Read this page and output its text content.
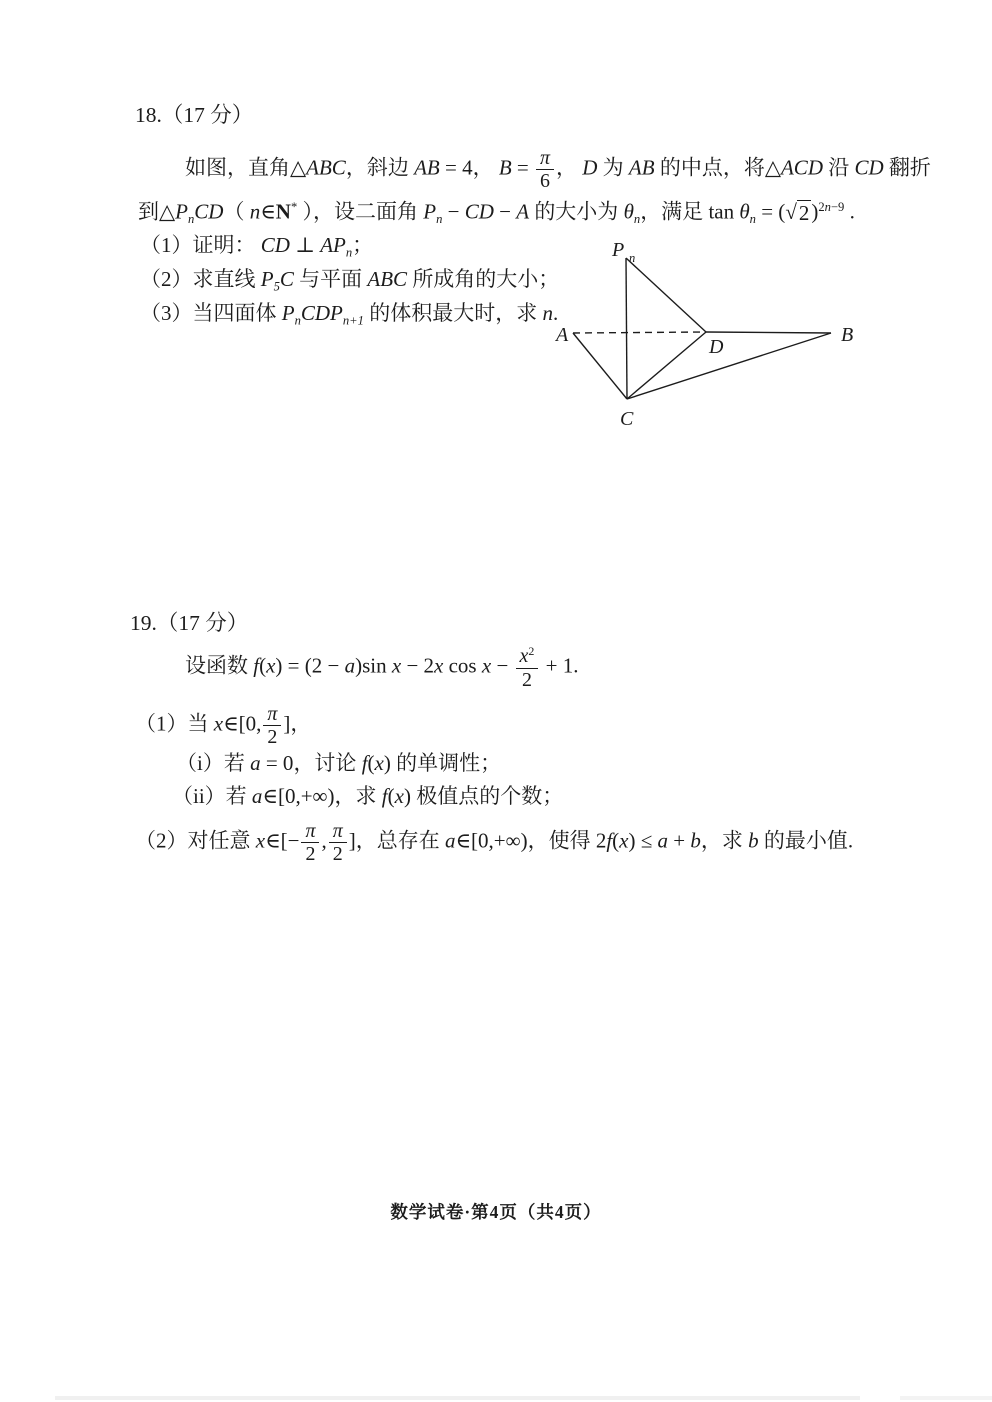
18.（17 分）
如图，直角△ABC，斜边 AB = 4， $B = \frac{\pi}{6}$ ， D 为 AB 的中点，将△ACD 沿 CD 翻折
到$\triangle P_nCD$（ n∈N* ），设二面角 $P_n$ − CD − A 的大小为 $\theta_n$，满足 $\tan \theta_n$ = ( √ 2 )$^{2n-9}$ .
（1）证明： CD ⊥ $AP_n$；
（2）求直线 $P_5C$ 与平面 ABC 所成角的大小；
（3）当四面体 $P_nCDP_{n+1}$ 的体积最大时，求 n.
P n
A	B
C
D
19.（17 分）
设函数 f(x) = (2 − a)sin x − 2x $\cos x - \frac{x^2}{2} + 1$.
（1）当 x∈[0, $\frac{\pi}{2}$ ]，
（i）若 a = 0，讨论 f(x) 的单调性；
（ii）若 a∈[0,+∞)，求 f(x) 极值点的个数；
（2）对任意 x∈[− $\frac{\pi}{2}$ , $\frac{\pi}{2}$ ]，总存在 a∈[0,+∞)，使得 2f(x) ≤ a + b，求 b 的最小值.
数学试卷·第4页（共4页）
